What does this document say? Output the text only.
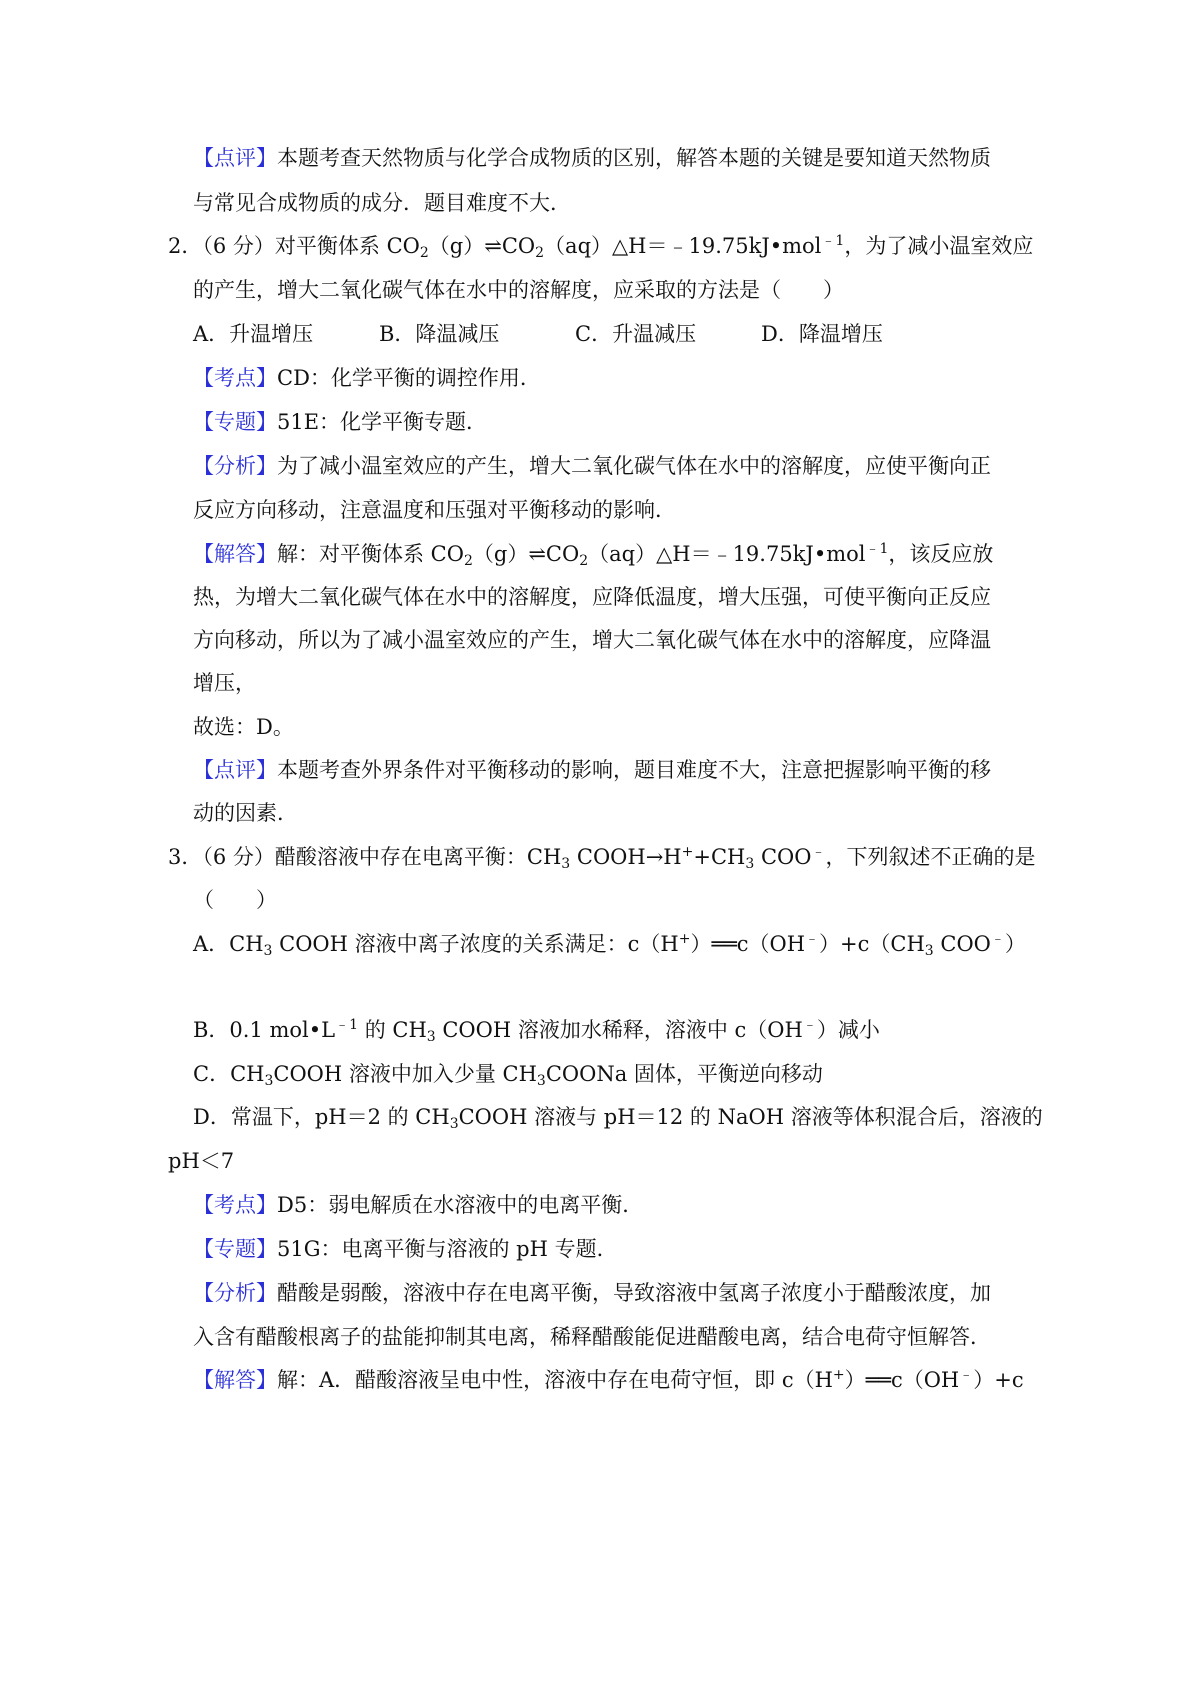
【点评】本题考查天然物质与化学合成物质的区别，解答本题的关键是要知道天然物质
与常见合成物质的成分．题目难度不大．
2．（6 分）对平衡体系 $CO_2(g)\rightleftharpoons CO_2(aq)\triangle H=﹣19.75kJ•mol^{﹣1}$，为了减小温室效应
的产生，增大二氧化碳气体在水中的溶解度，应采取的方法是（　　）
A．升温增压	B．降温减压	C．升温减压	D．降温增压
【考点】CD：化学平衡的调控作用．
【专题】51E：化学平衡专题．
【分析】为了减小温室效应的产生，增大二氧化碳气体在水中的溶解度，应使平衡向正
反应方向移动，注意温度和压强对平衡移动的影响．
【解答】解：对平衡体系 $CO_2(g)\rightleftharpoons CO_2(aq)\triangle H=﹣19.75kJ•mol^{﹣1}$，该反应放
热，为增大二氧化碳气体在水中的溶解度，应降低温度，增大压强，可使平衡向正反应
方向移动，所以为了减小温室效应的产生，增大二氧化碳气体在水中的溶解度，应降温
增压，
故选：D。
【点评】本题考查外界条件对平衡移动的影响，题目难度不大，注意把握影响平衡的移
动的因素．
3．（6 分）醋酸溶液中存在电离平衡：$CH_3$ $COOH\to H^++CH_3$ COO﹣，下列叙述不正确的是
（　　）
A．$CH_3$ COOH 溶液中离子浓度的关系满足：$c(H^+)══c(OH^﹣)+c(CH_3$ COO﹣）
B．0.1 $mol•L^{﹣1}$ 的 $CH_3$ COOH 溶液加水稀释，溶液中 c（OH﹣）减小
C．$CH_3COOH$ 溶液中加入少量 $CH_3COONa$ 固体，平衡逆向移动
D．常温下，pH＝2 的 $CH_3COOH$ 溶液与 pH＝12 的 NaOH 溶液等体积混合后，溶液的
pH＜7
【考点】D5：弱电解质在水溶液中的电离平衡．
【专题】51G：电离平衡与溶液的 pH 专题．
【分析】醋酸是弱酸，溶液中存在电离平衡，导致溶液中氢离子浓度小于醋酸浓度，加
入含有醋酸根离子的盐能抑制其电离，稀释醋酸能促进醋酸电离，结合电荷守恒解答．
【解答】解：A．醋酸溶液呈电中性，溶液中存在电荷守恒，即 c（H+）══c（OH﹣）+c
